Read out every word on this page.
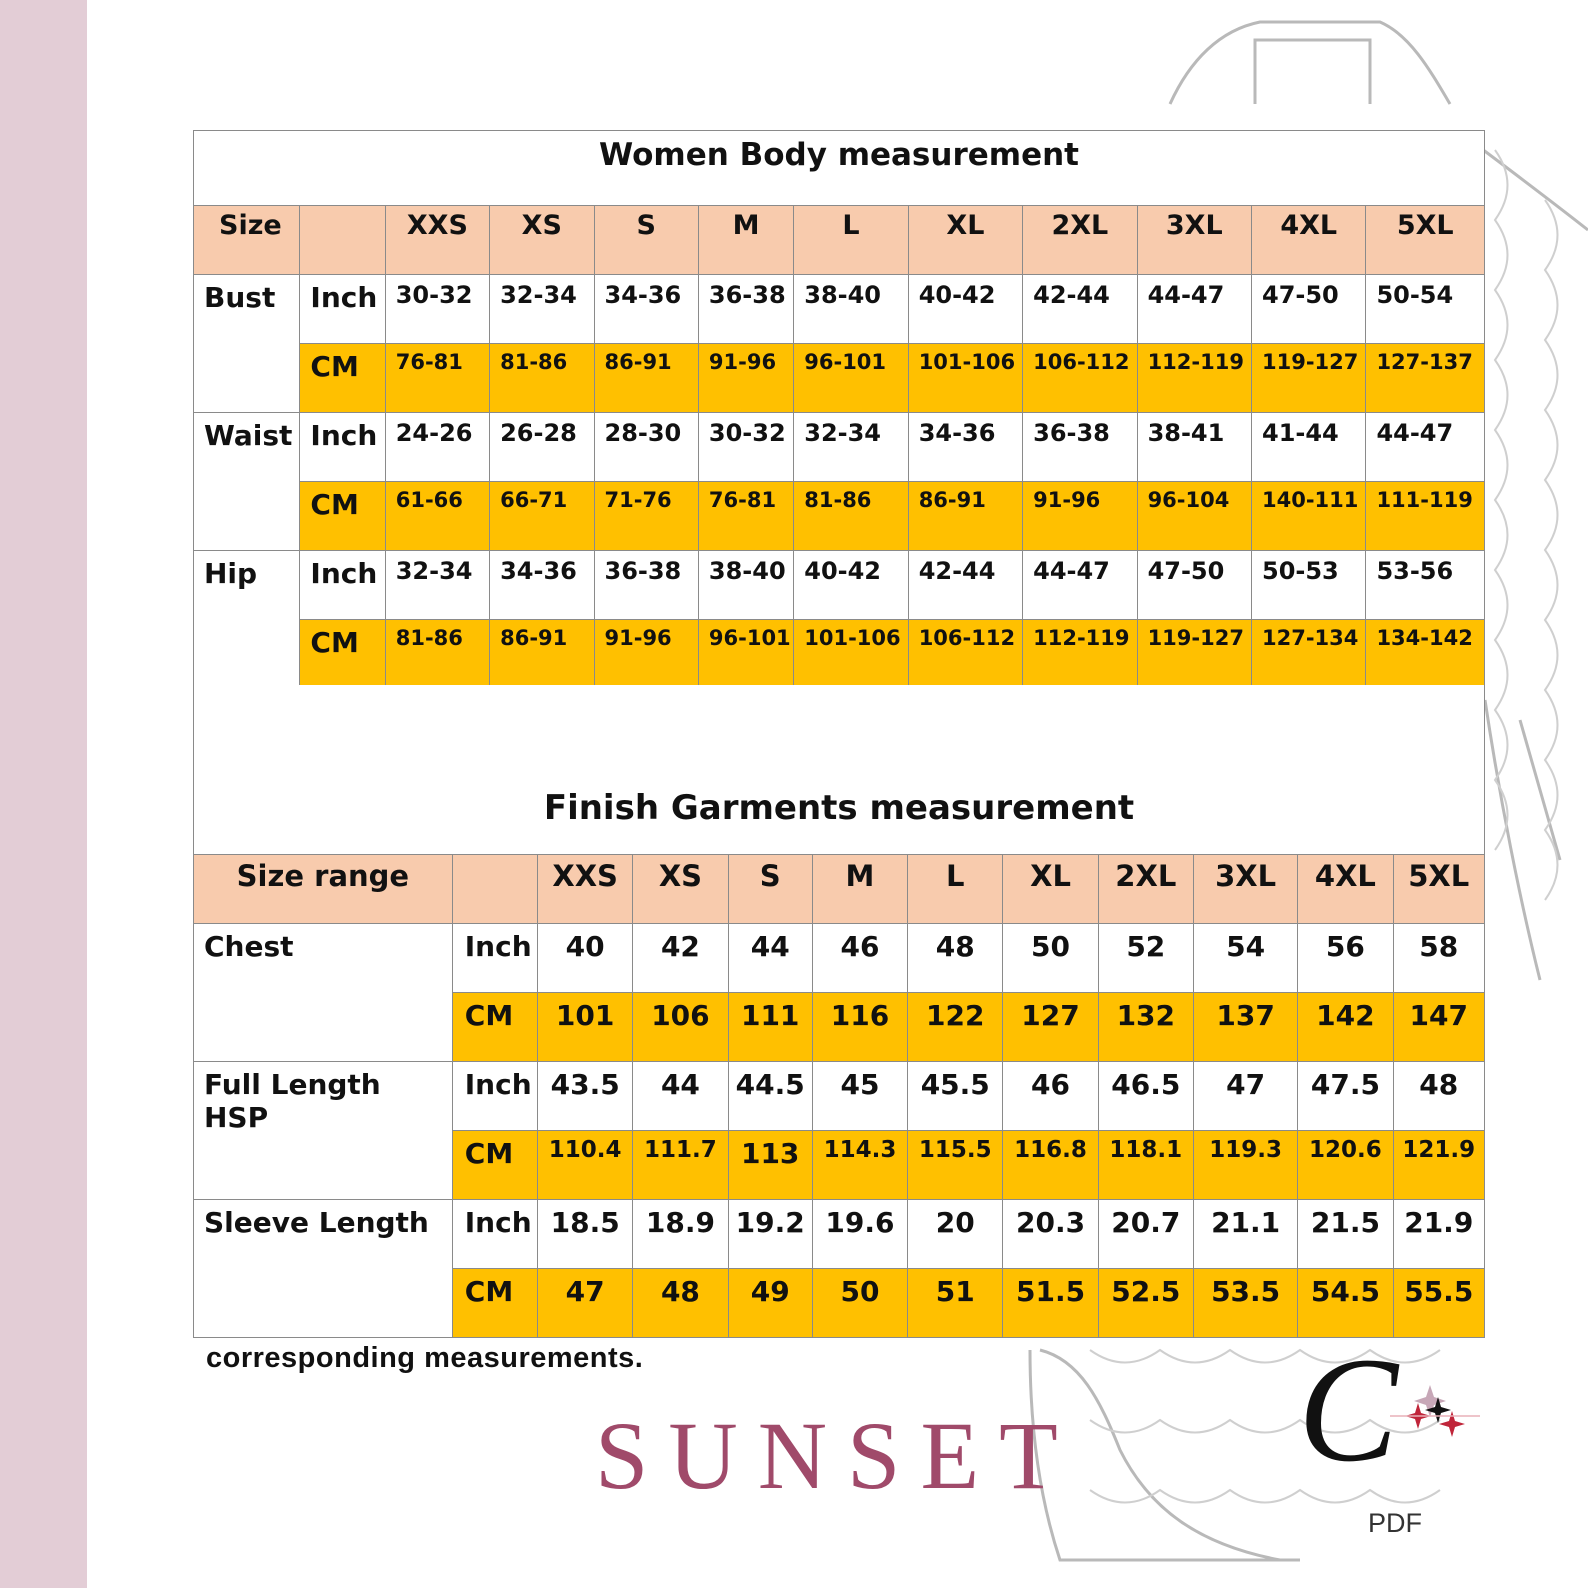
Women Body measurement											
Size		XXS	XS	S	M	L	XL	2XL	3XL	4XL	5XL
Bust	Inch	30-32	32-34	34-36	36-38	38-40	40-42	42-44	44-47	47-50	50-54
	CM	76-81	81-86	86-91	91-96	96-101	101-106	106-112	112-119	119-127	127-137
Waist	Inch	24-26	26-28	28-30	30-32	32-34	34-36	36-38	38-41	41-44	44-47
	CM	61-66	66-71	71-76	76-81	81-86	86-91	91-96	96-104	140-111	111-119
Hip	Inch	32-34	34-36	36-38	38-40	40-42	42-44	44-47	47-50	50-53	53-56
	CM	81-86	86-91	91-96	96-101	101-106	106-112	112-119	119-127	127-134	134-142
Finish Garments measurement											
Size range		XXS	XS	S	M	L	XL	2XL	3XL	4XL	5XL
Chest	Inch	40	42	44	46	48	50	52	54	56	58
	CM	101	106	111	116	122	127	132	137	142	147
Full Length HSP	Inch	43.5	44	44.5	45	45.5	46	46.5	47	47.5	48
	CM	110.4	111.7	113	114.3	115.5	116.8	118.1	119.3	120.6	121.9
Sleeve Length	Inch	18.5	18.9	19.2	19.6	20	20.3	20.7	21.1	21.5	21.9
	CM	47	48	49	50	51	51.5	52.5	53.5	54.5	55.5
corresponding measurements.
SUNSET C
PDF
